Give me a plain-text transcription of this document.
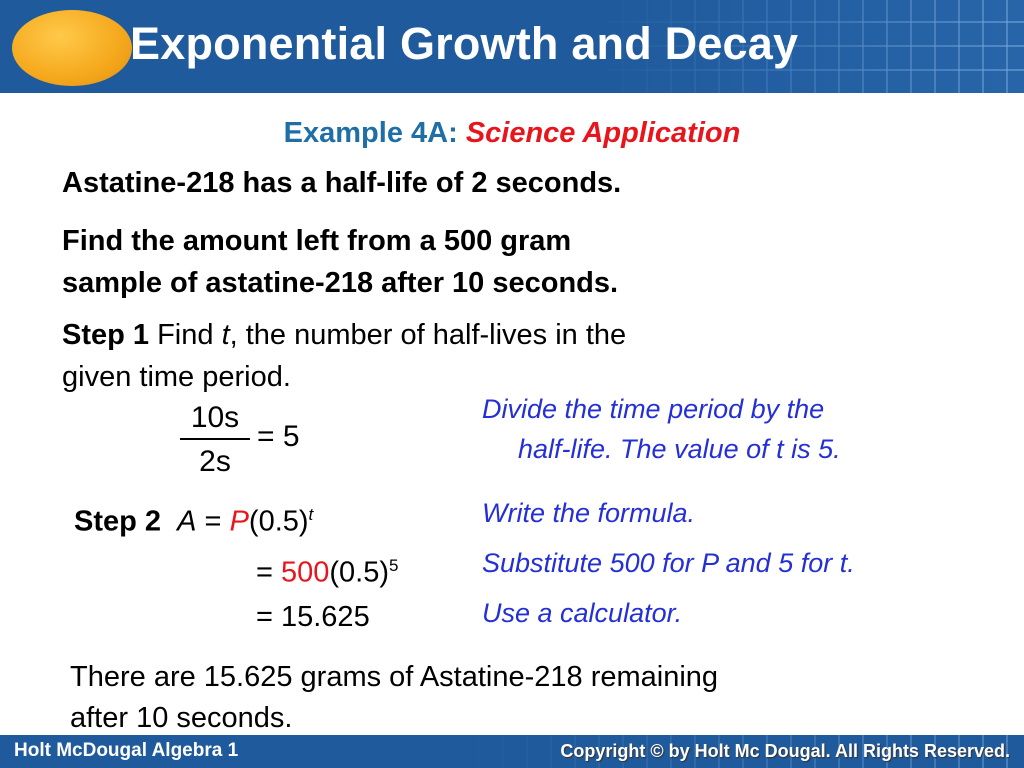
Exponential Growth and Decay
Example 4A: Science Application
Astatine-218 has a half-life of 2 seconds.
Find the amount left from a 500 gram
sample of astatine-218 after 10 seconds.
Step 1 Find t, the number of half-lives in the
given time period.
10s
2s
= 5
Divide the time period by the
half-life. The value of t is 5.
Step 2 $A = P(0.5)^t$
= $500(0.5)^5$
= 15.625
Write the formula.
Substitute 500 for P and 5 for t.
Use a calculator.
There are 15.625 grams of Astatine-218 remaining
after 10 seconds.
Holt McDougal Algebra 1	Copyright © by Holt Mc Dougal. All Rights Reserved.
